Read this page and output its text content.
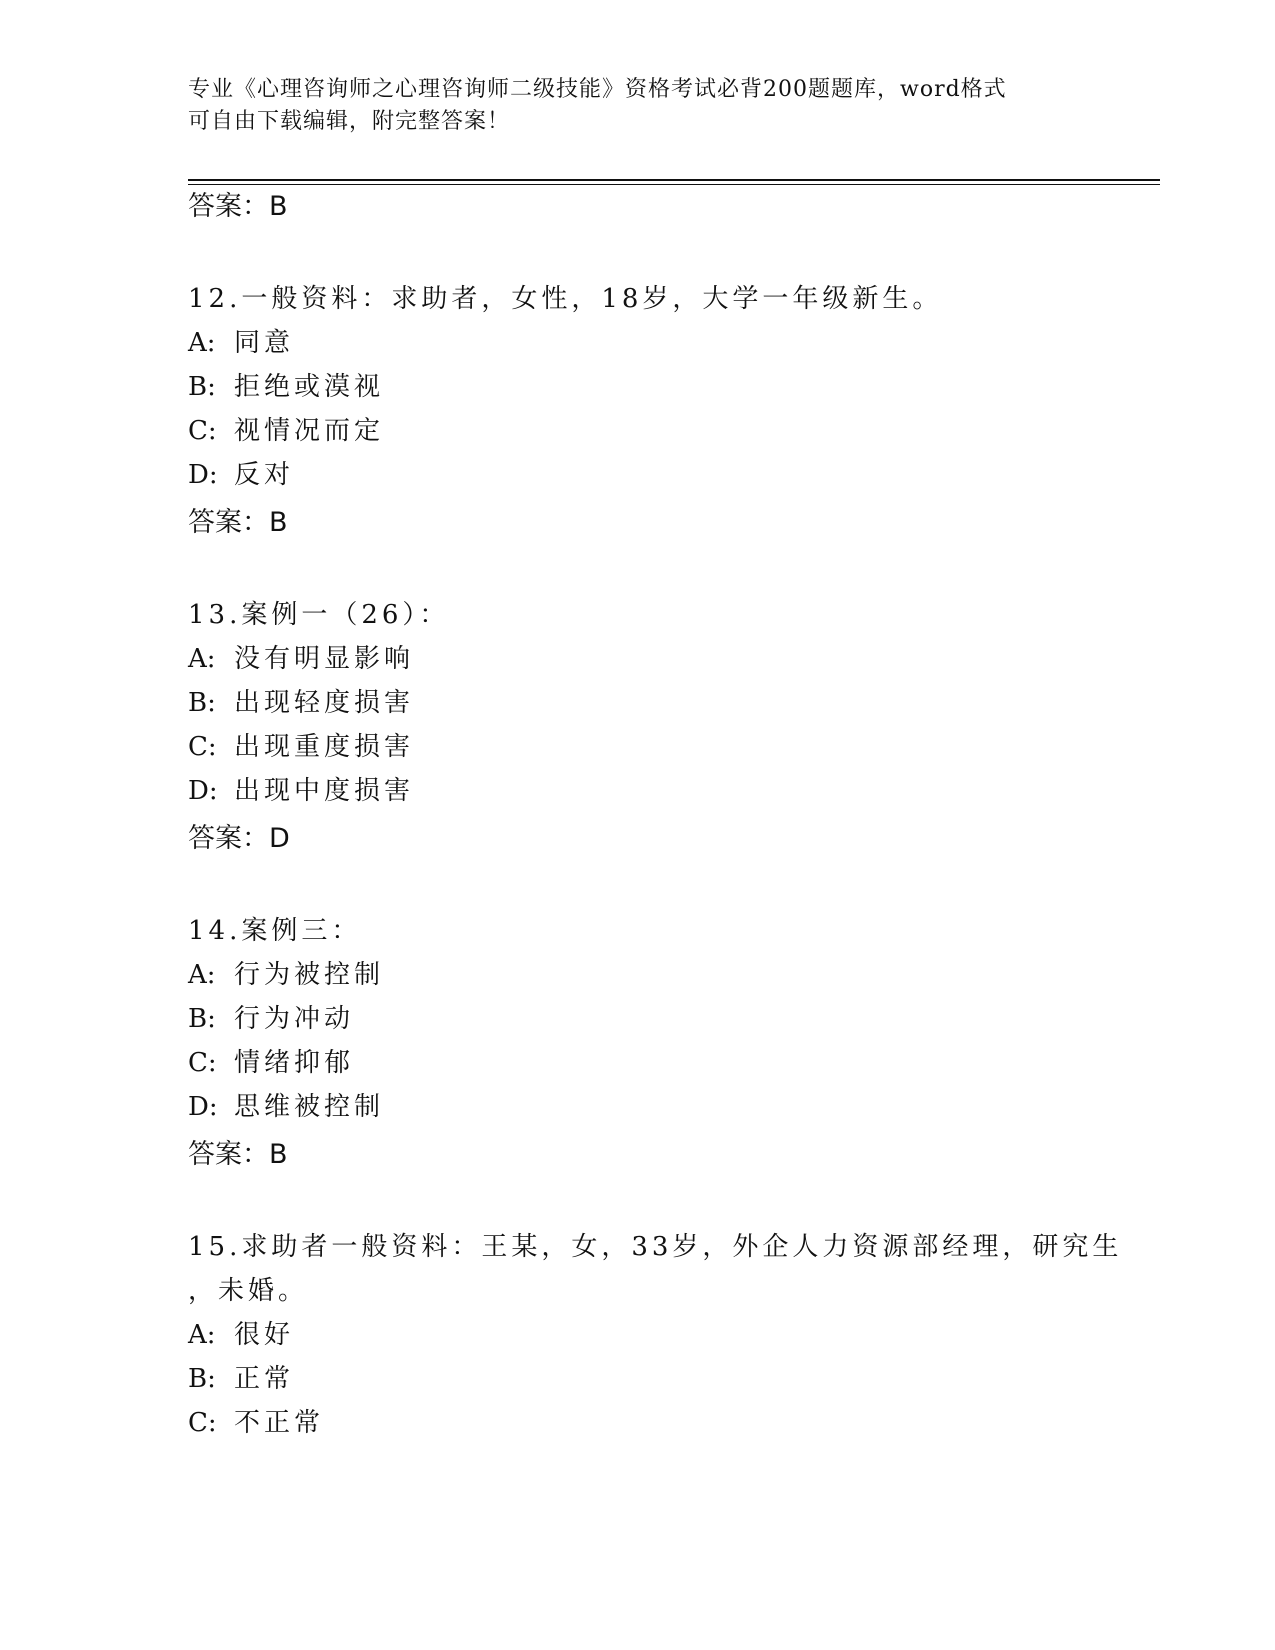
专业《心理咨询师之心理咨询师二级技能》资格考试必背200题题库，word格式
可自由下载编辑，附完整答案！
答案：B
12.一般资料：求助者，女性，18岁，大学一年级新生。
A: 同意
B: 拒绝或漠视
C: 视情况而定
D: 反对
答案：B
13.案例一（26）：
A: 没有明显影响
B: 出现轻度损害
C: 出现重度损害
D: 出现中度损害
答案：D
14.案例三：
A: 行为被控制
B: 行为冲动
C: 情绪抑郁
D: 思维被控制
答案：B
15.求助者一般资料：王某，女，33岁，外企人力资源部经理，研究生
，未婚。
A: 很好
B: 正常
C: 不正常
